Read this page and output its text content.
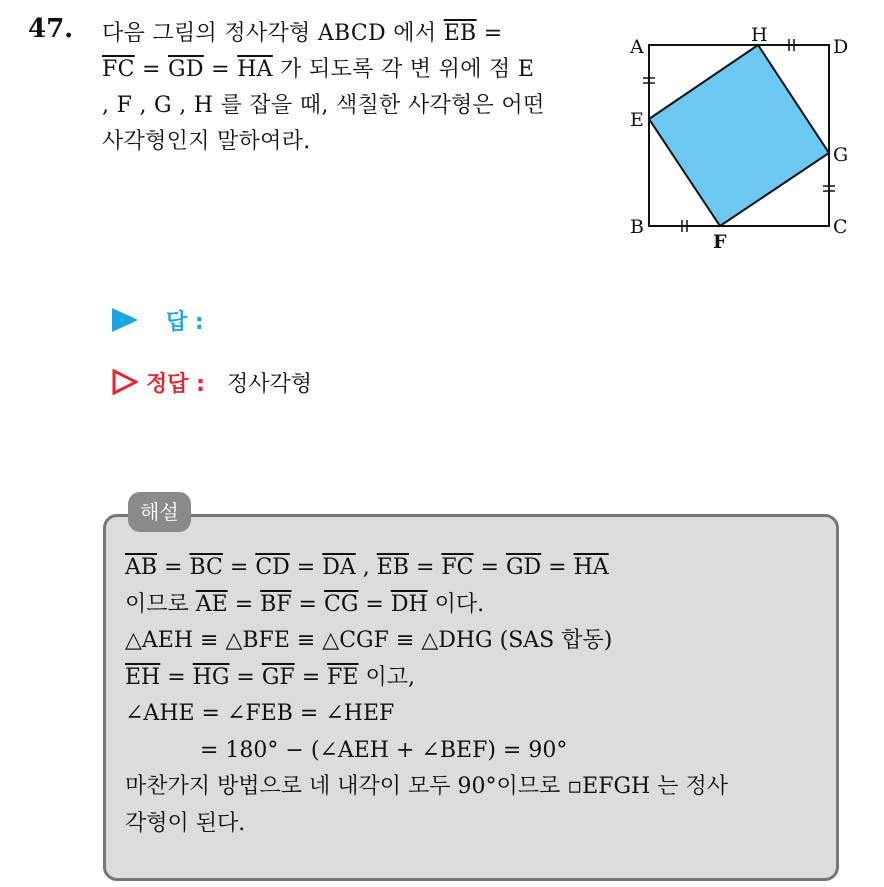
47. 다음 그림의 정사각형 ABCD 에서 $\overline{EB}$ =
$\overline{FC} = \overline{GD} = \overline{HA}$ 가 되도록 각 변 위에 점 E
, F , G , H 를 잡을 때, 색칠한 사각형은 어떤
사각형인지 말하여라.
A	D
B	C
E
G
H
F
답 :
정답 : 정사각형
해설
$\overline{AB} = \overline{BC} = \overline{CD} = \overline{DA}$ , $\overline{EB} = \overline{FC} = \overline{GD} = \overline{HA}$
이므로 $\overline{AE} = \overline{BF} = \overline{CG} = \overline{DH}$ 이다.
△AEH ≡ △BFE ≡ △CGF ≡ △DHG (SAS 합동)
$\overline{EH} = \overline{HG} = \overline{GF} = \overline{FE}$ 이고,
∠AHE = ∠FEB = ∠HEF
= 180° − (∠AEH + ∠BEF) = 90°
마찬가지 방법으로 네 내각이 모두 90°이므로 ▫EFGH 는 정사
각형이 된다.
